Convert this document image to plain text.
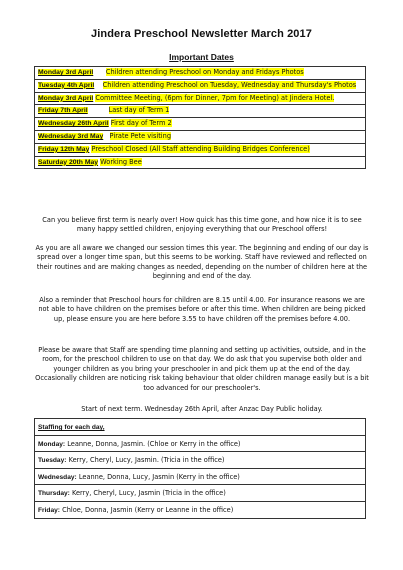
Jindera Preschool Newsletter March 2017
Important Dates
Monday 3rd April Children attending Preschool on Monday and Fridays Photos
Tuesday 4th April Children attending Preschool on Tuesday, Wednesday and Thursday's Photos
Monday 3rd April Committee Meeting, (6pm for Dinner, 7pm for Meeting) at Jindera Hotel.
Friday 7th April	Last day of Term 1
Wednesday 26th April First day of Term 2
Wednesday 3rd May Pirate Pete visiting
Friday 12th May Preschool Closed (All Staff attending Building Bridges Conference)
Saturday 20th May Working Bee
Can you believe first term is nearly over! How quick has this time gone, and how nice it is to see many happy settled children, enjoying everything that our Preschool offers!
As you are all aware we changed our session times this year. The beginning and ending of our day is spread over a longer time span, but this seems to be working. Staff have reviewed and reflected on their routines and are making changes as needed, depending on the number of children here at the beginning and end of the day.
Also a reminder that Preschool hours for children are 8.15 until 4.00. For insurance reasons we are not able to have children on the premises before or after this time. When children are being picked up, please ensure you are here before 3.55 to have children off the premises before 4.00.
Please be aware that Staff are spending time planning and setting up activities, outside, and in the room, for the preschool children to use on that day. We do ask that you supervise both older and younger children as you bring your preschooler in and pick them up at the end of the day. Occasionally children are noticing risk taking behaviour that older children manage easily but is a bit too advanced for our preschooler's.
Start of next term. Wednesday 26th April, after Anzac Day Public holiday.
Staffing for each day,
Monday: Leanne, Donna, Jasmin. (Chloe or Kerry in the office)
Tuesday: Kerry, Cheryl, Lucy, Jasmin. (Tricia in the office)
Wednesday: Leanne, Donna, Lucy, Jasmin (Kerry in the office)
Thursday: Kerry, Cheryl, Lucy, Jasmin (Tricia in the office)
Friday: Chloe, Donna, Jasmin (Kerry or Leanne in the office)
